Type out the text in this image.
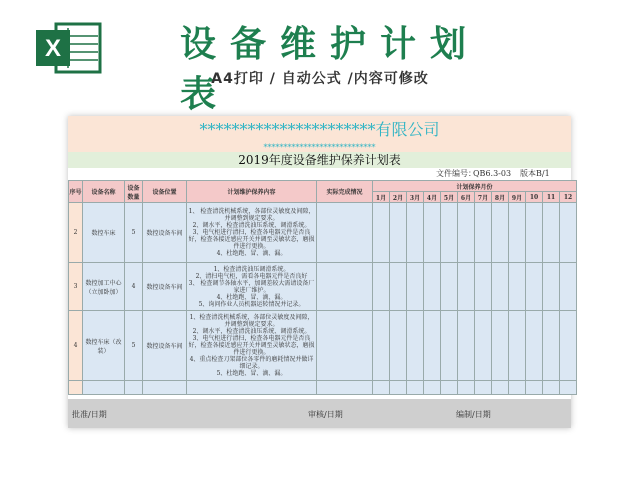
X	设备维护计划表
A4打印 / 自动公式 /内容可修改
**********************有限公司
****************************
2019年度设备维护保养计划表
文件编号：
QB6.3-03 版本B/1
序号	设备名称	设备数量	设备位置	计划维护保养内容	实际完成情况	计划保养月份											
						1月	2月	3月	4月	5月	6月	7月	8月	9月	10	11	12
2	数控车床	5	数控设备车间	1、 检查清洗机械系统，各部位灵敏度及间隙，并调整到规定要求。
2、调水平，检查清洗油压系统、调滑系统。
3、电气柜进行清扫，检查各电器元件是否良好，检查各接近感应开关并调至灵敏状态，磨损件进行更换。
4、杜绝跑、冒、滴、漏。													
3	数控加工中心（立加卧加）	4	数控设备车间	1、检查清洗油压调滑系统。
2、清扫电气柜，需看各电器元件是否良好
3、 检查调节各轴水平，加调差较大需请设备厂家进厂维护。
4、杜绝跑、冒、滴、漏。
5、询问作业人员机器运转情况并记录。													
4	数控车床（改装）	5	数控设备车间	1、检查清洗机械系统，各部位灵敏度及间隙，并调整到规定要求。
2、调水平，检查清洗油压系统、调滑系统。
3、电气柜进行清扫，检查各电器元件是否良好，检查各接近感应开关并调至灵敏状态，磨损件进行更换。
4、重点检查刀架部位各零件的磨耗情况并做详细记录。
5、杜绝跑、冒、滴、漏。													

批准/日期	审核/日期	编制/日期
